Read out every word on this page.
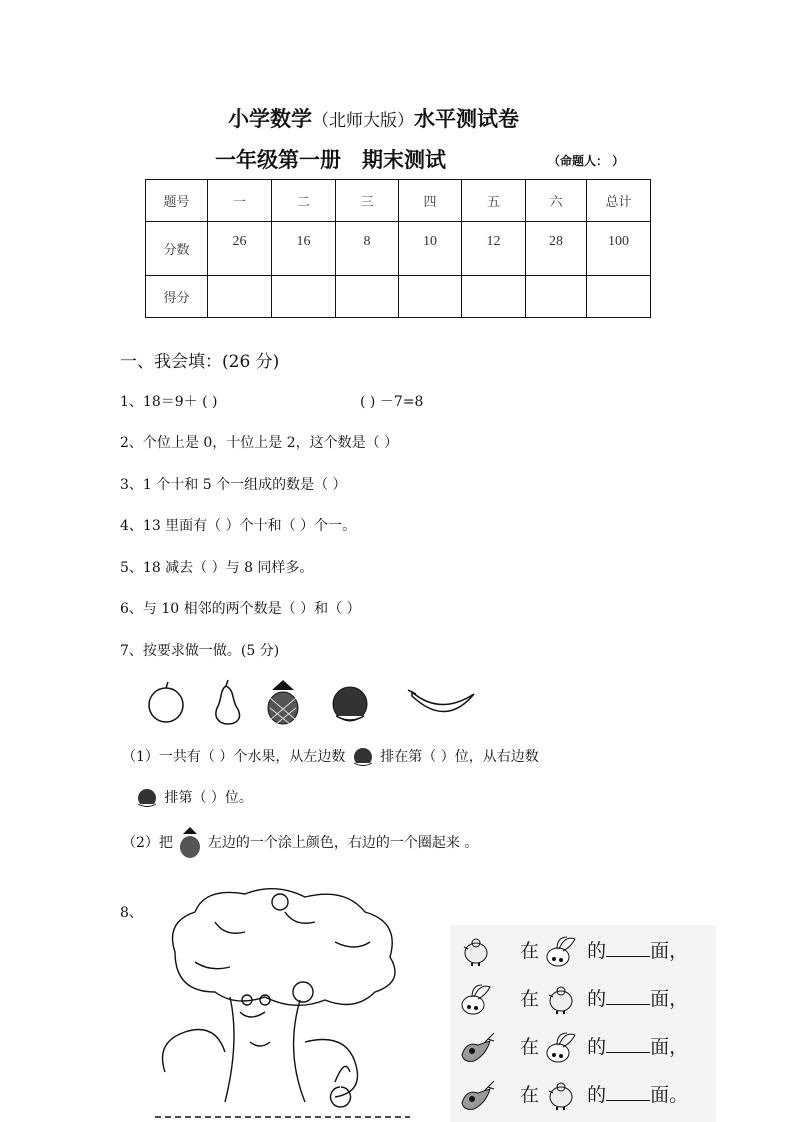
小学数学（北师大版）水平测试卷
一年级第一册　期末测试	（命题人： ）
题号	一	二	三	四	五	六	总计
分数	26	16	8	10	12	28	100
得分							
一、我会填：(26 分)
1、18＝9＋ ( )	( ) －7=8
2、个位上是 0，十位上是 2，这个数是（ ）
3、1 个十和 5 个一组成的数是（ ）
4、13 里面有（ ）个十和（ ）个一。
5、18 减去（ ）与 8 同样多。
6、与 10 相邻的两个数是（ ）和（ ）
7、按要求做一做。(5 分)
（1）一共有（ ）个水果，从左边数 排在第（ ）位，从右边数
排第（ ）位。
（2）把 左边的一个涂上颜色，右边的一个圈起来 。
8、
在	的 面，
在	的 面，
在	的 面，
在	的 面。
